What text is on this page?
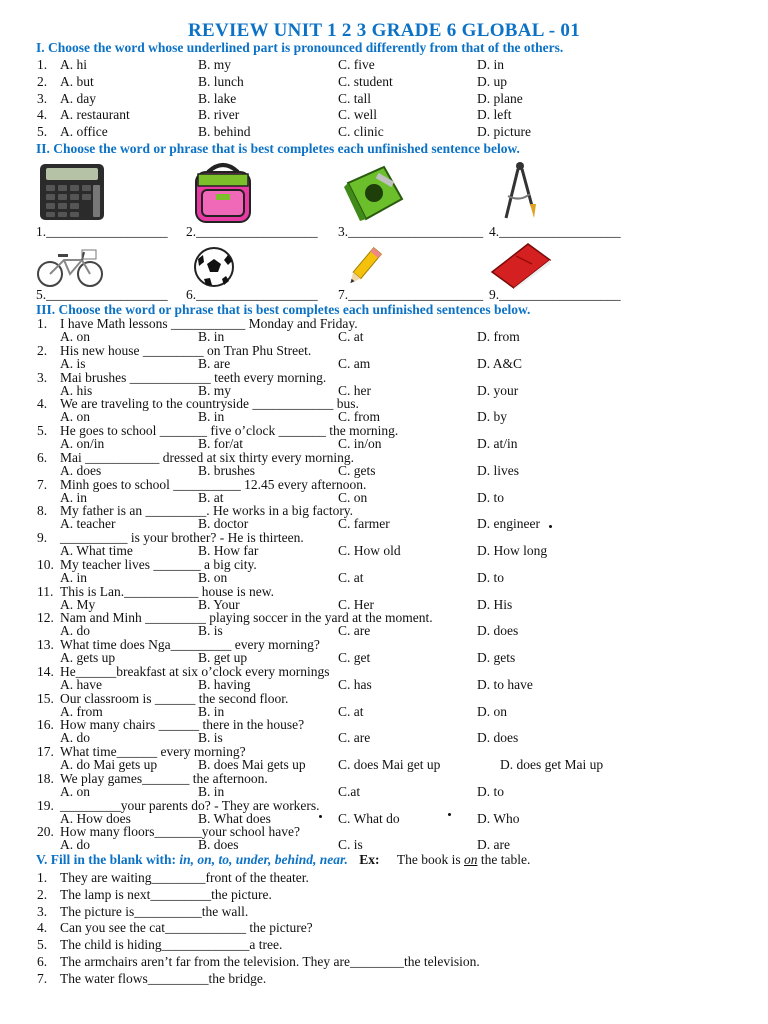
REVIEW UNIT 1 2 3 GRADE 6 GLOBAL - 01
I. Choose the word whose underlined part is pronounced differently from that of the others.
1. A. hi	B. my	C. five	D. in
2. A. but	B. lunch	C. student	D. up
3. A. day	B. lake	C. tall	D. plane
4. A. restaurant	B. river	C. well	D. left
5. A. office	B. behind	C. clinic	D. picture
II. Choose the word or phrase that is best completes each unfinished sentence below.
1.__________________ 2.__________________ 3.____________________ 4.__________________
5.__________________ 6.__________________ 7.____________________ 9.__________________
III. Choose the word or phrase that is best completes each unfinished sentences below.
1. I have Math lessons ___________ Monday and Friday.
A. on	B. in	C. at	D. from
2. His new house _________ on Tran Phu Street.
A. is	B. are	C. am	D. A&C
3. Mai brushes ____________ teeth every morning.
A. his	B. my	C. her	D. your
4. We are traveling to the countryside ____________ bus.
A. on	B. in	C. from	D. by
5. He goes to school _______ five o’clock _______ the morning.
A. on/in	B. for/at	C. in/on	D. at/in
6. Mai ___________ dressed at six thirty every morning.
A. does	B. brushes	C. gets	D. lives
7. Minh goes to school __________ 12.45 every afternoon.
A. in	B. at	C. on	D. to
8. My father is an _________. He works in a big factory.
A. teacher	B. doctor	C. farmer	D. engineer
9. __________ is your brother? - He is thirteen.
A. What time	B. How far	C. How old	D. How long
10. My teacher lives _______ a big city.
A. in	B. on	C. at	D. to
11. This is Lan.___________ house is new.
A. My	B. Your	C. Her	D. His
12. Nam and Minh _________ playing soccer in the yard at the moment.
A. do	B. is	C. are	D. does
13. What time does Nga_________ every morning?
A. gets up	B. get up	C. get	D. gets
14. He______breakfast at six o’clock every mornings
A. have	B. having	C. has	D. to have
15. Our classroom is ______ the second floor.
A. from	B. in	C. at	D. on
16. How many chairs ______ there in the house?
A. do	B. is	C. are	D. does
17. What time______ every morning?
A. do Mai gets up	B. does Mai gets up C. does Mai get up	D. does get Mai up
18. We play games_______ the afternoon.
A. on	B. in	C.at	D. to
19. _________your parents do? - They are workers.
A. How does	B. What does	C. What do	D. Who
20. How many floors_______your school have?
A. do	B. does	C. is	D. are
V. Fill in the blank with: in, on, to, under, behind, near. Ex: The book is on the table.
1. They are waiting________front of the theater.
2. The lamp is next_________the picture.
3. The picture is__________the wall.
4. Can you see the cat____________ the picture?
5. The child is hiding_____________a tree.
6. The armchairs aren’t far from the television. They are________the television.
7. The water flows_________the bridge.
